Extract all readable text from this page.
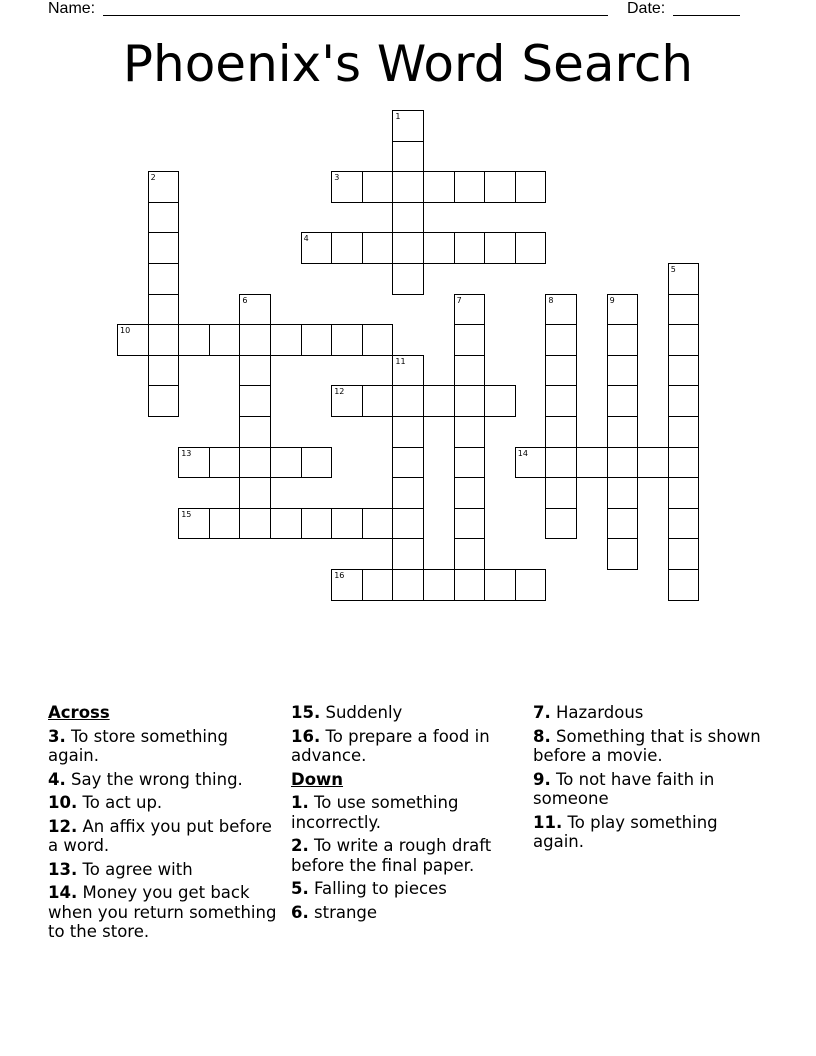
Name:	Date:
Phoenix's Word Search
1
2	3
4
5
6	7	8	9
10
11
12
13	14
15
16
Across
3. To store something again.
4. Say the wrong thing.
10. To act up.
12. An affix you put before a word.
13. To agree with
14. Money you get back when you return something to the store.
15. Suddenly
16. To prepare a food in advance.
Down
1. To use something incorrectly.
2. To write a rough draft before the final paper.
5. Falling to pieces
6. strange
7. Hazardous
8. Something that is shown before a movie.
9. To not have faith in someone
11. To play something again.
